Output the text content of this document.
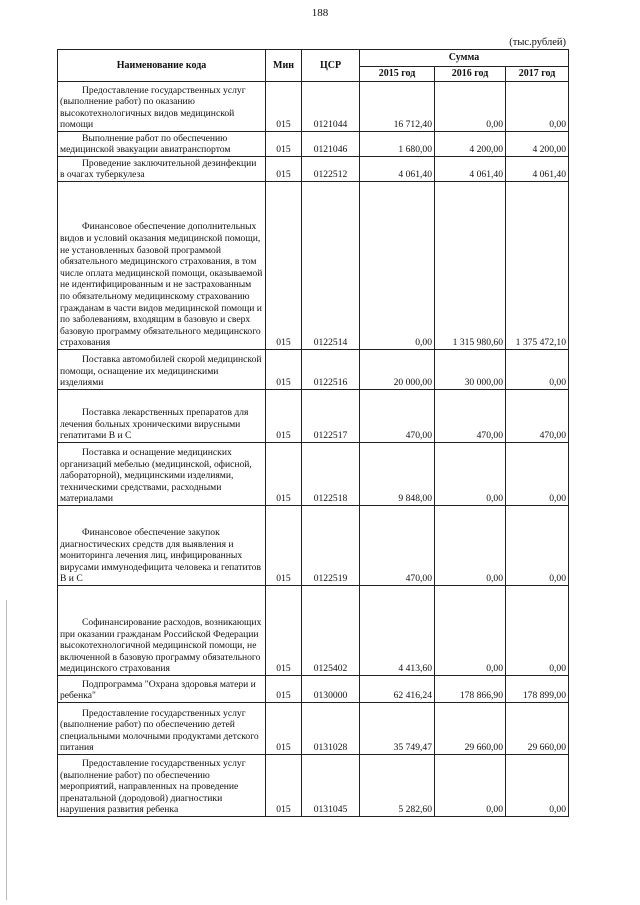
188
(тыс.рублей)
Наименование кода	Мин	ЦСР	Сумма		
			2015 год	2016 год	2017 год

Предоставление государственных услуг (выполнение работ) по оказанию высокотехнологичных видов медицинской помощи	015	0121044	16 712,40	0,00	0,00

Выполнение работ по обеспечению медицинской эвакуации авиатранспортом	015	0121046	1 680,00	4 200,00	4 200,00

Проведение заключительной дезинфекции в очагах туберкулеза	015	0122512	4 061,40	4 061,40	4 061,40

Финансовое обеспечение дополнительных видов и условий оказания медицинской помощи, не установленных базовой программой обязательного медицинского страхования, в том числе оплата медицинской помощи, оказываемой не идентифицированным и не застрахованным по обязательному медицинскому страхованию гражданам в части видов медицинской помощи и по заболеваниям, входящим в базовую и сверх базовую программу обязательного медицинского страхования	015	0122514	0,00	1 315 980,60	1 375 472,10

Поставка автомобилей скорой медицинской помощи, оснащение их медицинскими изделиями	015	0122516	20 000,00	30 000,00	0,00

Поставка лекарственных препаратов для лечения больных хроническими вирусными гепатитами В и С	015	0122517	470,00	470,00	470,00

Поставка и оснащение медицинских организаций мебелью (медицинской, офисной, лабораторной), медицинскими изделиями, техническими средствами, расходными материалами	015	0122518	9 848,00	0,00	0,00

Финансовое обеспечение закупок диагностических средств для выявления и мониторинга лечения лиц, инфицированных вирусами иммунодефицита человека и гепатитов В и С	015	0122519	470,00	0,00	0,00

Софинансирование расходов, возникающих при оказании гражданам Российской Федерации высокотехнологичной медицинской помощи, не включенной в базовую программу обязательного медицинского страхования	015	0125402	4 413,60	0,00	0,00

Подпрограмма "Охрана здоровья матери и ребенка"	015	0130000	62 416,24	178 866,90	178 899,00

Предоставление государственных услуг (выполнение работ) по обеспечению детей специальными молочными продуктами детского питания	015	0131028	35 749,47	29 660,00	29 660,00

Предоставление государственных услуг (выполнение работ) по обеспечению мероприятий, направленных на проведение пренатальной (дородовой) диагностики нарушения развития ребенка	015	0131045	5 282,60	0,00	0,00
